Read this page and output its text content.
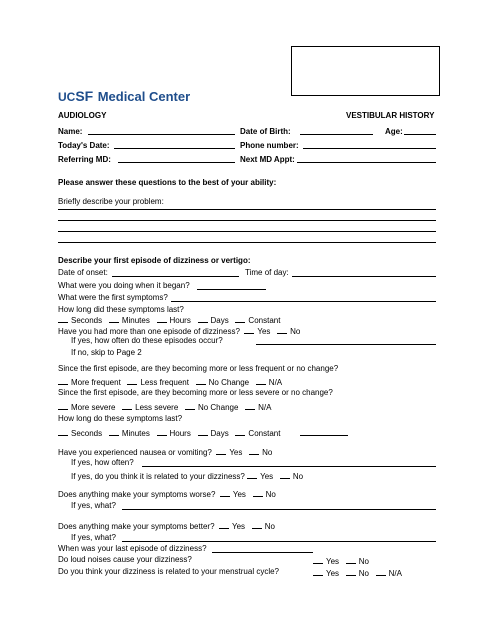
UCSF Medical Center
AUDIOLOGY	VESTIBULAR HISTORY
Name:	Date of Birth:	Age:
Today's Date:	Phone number:
Referring MD:	Next MD Appt:
Please answer these questions to the best of your ability:
Briefly describe your problem:
Describe your first episode of dizziness or vertigo:
Date of onset:	Time of day:
What were you doing when it began?
What were the first symptoms?
How long did these symptoms last?
Seconds Minutes Hours Days Constant
Have you had more than one episode of dizziness? Yes No
If yes, how often do these episodes occur?
If no, skip to Page 2
Since the first episode, are they becoming more or less frequent or no change?
More frequent Less frequent No Change N/A
Since the first episode, are they becoming more or less severe or no change?
More severe Less severe No Change N/A
How long do these symptoms last?
Seconds Minutes Hours Days Constant
Have you experienced nausea or vomiting? Yes No
If yes, how often?
If yes, do you think it is related to your dizziness? Yes No
Does anything make your symptoms worse? Yes No
If yes, what?
Does anything make your symptoms better? Yes No
If yes, what?
When was your last episode of dizziness?
Do loud noises cause your dizziness?	Yes No
Do you think your dizziness is related to your menstrual cycle?	Yes No N/A
